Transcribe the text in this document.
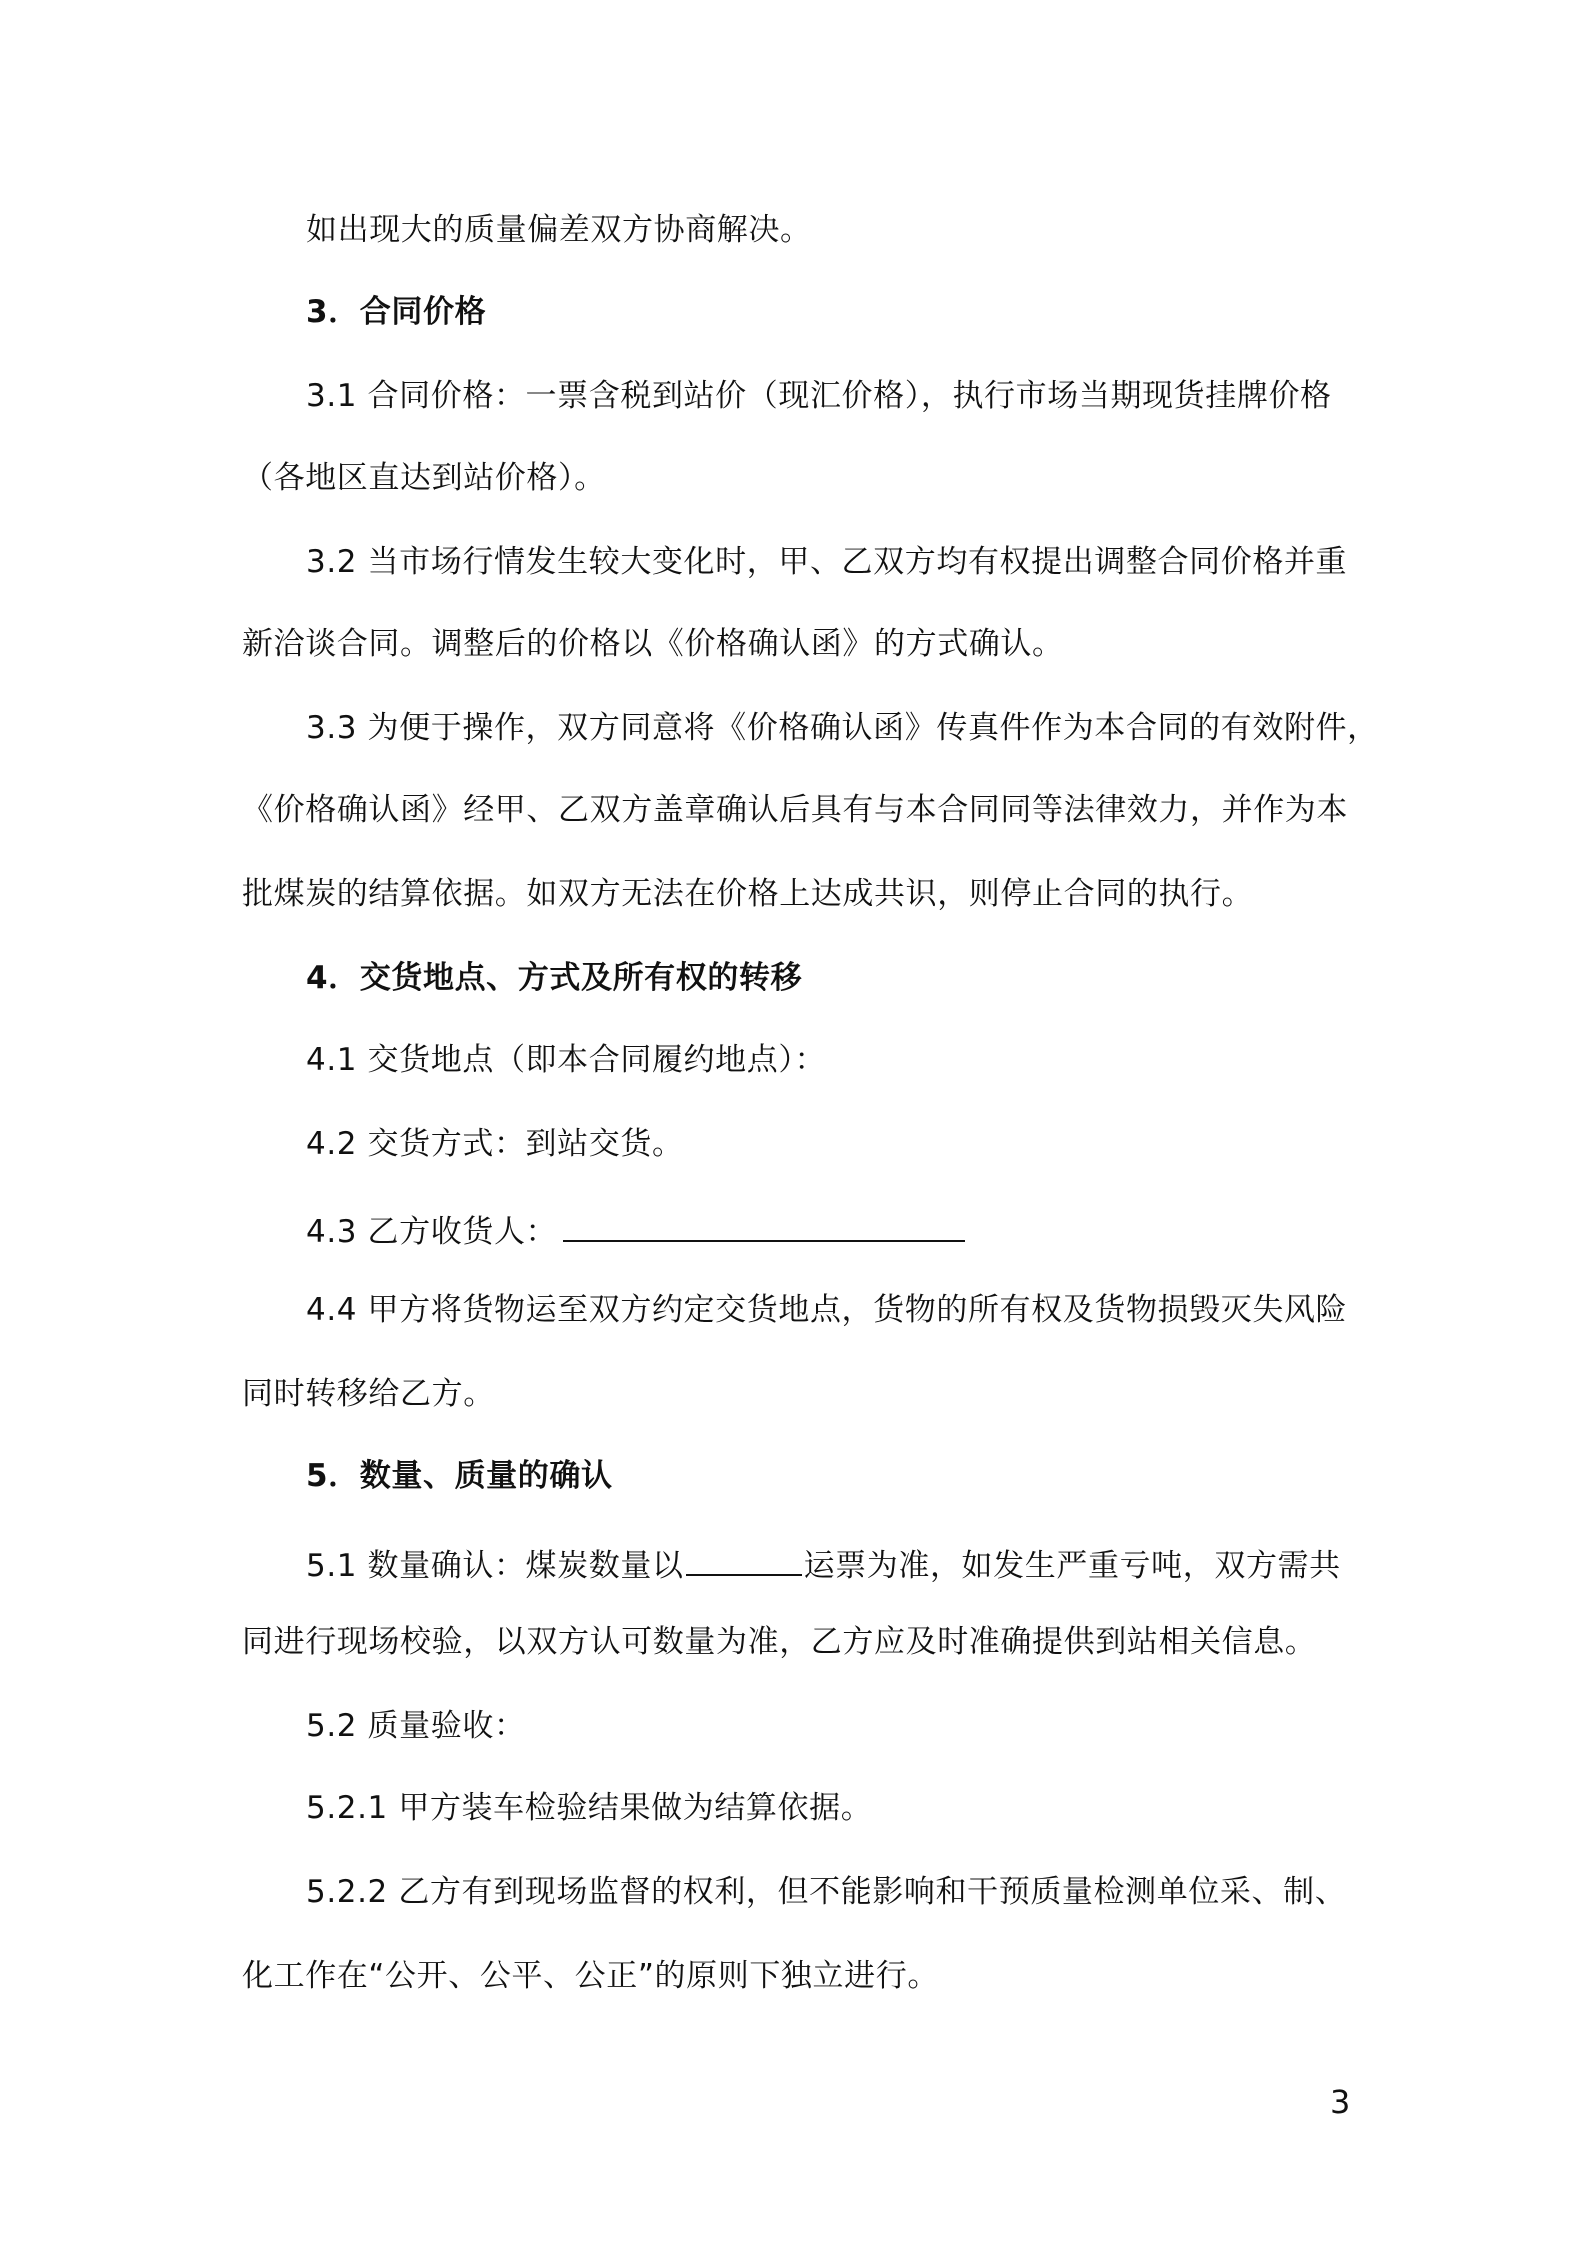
如出现大的质量偏差双方协商解决。
3．合同价格
3.1 合同价格：一票含税到站价（现汇价格），执行市场当期现货挂牌价格
（各地区直达到站价格）。
3.2 当市场行情发生较大变化时，甲、乙双方均有权提出调整合同价格并重
新洽谈合同。调整后的价格以《价格确认函》的方式确认。
3.3 为便于操作，双方同意将《价格确认函》传真件作为本合同的有效附件，
《价格确认函》经甲、乙双方盖章确认后具有与本合同同等法律效力，并作为本
批煤炭的结算依据。如双方无法在价格上达成共识，则停止合同的执行。
4．交货地点、方式及所有权的转移
4.1 交货地点（即本合同履约地点）：
4.2 交货方式：到站交货。
4.3 乙方收货人：
4.4 甲方将货物运至双方约定交货地点，货物的所有权及货物损毁灭失风险
同时转移给乙方。
5．数量、质量的确认
5.1 数量确认：煤炭数量以	运票为准，如发生严重亏吨，双方需共
同进行现场校验，以双方认可数量为准，乙方应及时准确提供到站相关信息。
5.2 质量验收：
5.2.1 甲方装车检验结果做为结算依据。
5.2.2 乙方有到现场监督的权利，但不能影响和干预质量检测单位采、制、
化工作在“公开、公平、公正”的原则下独立进行。
3
